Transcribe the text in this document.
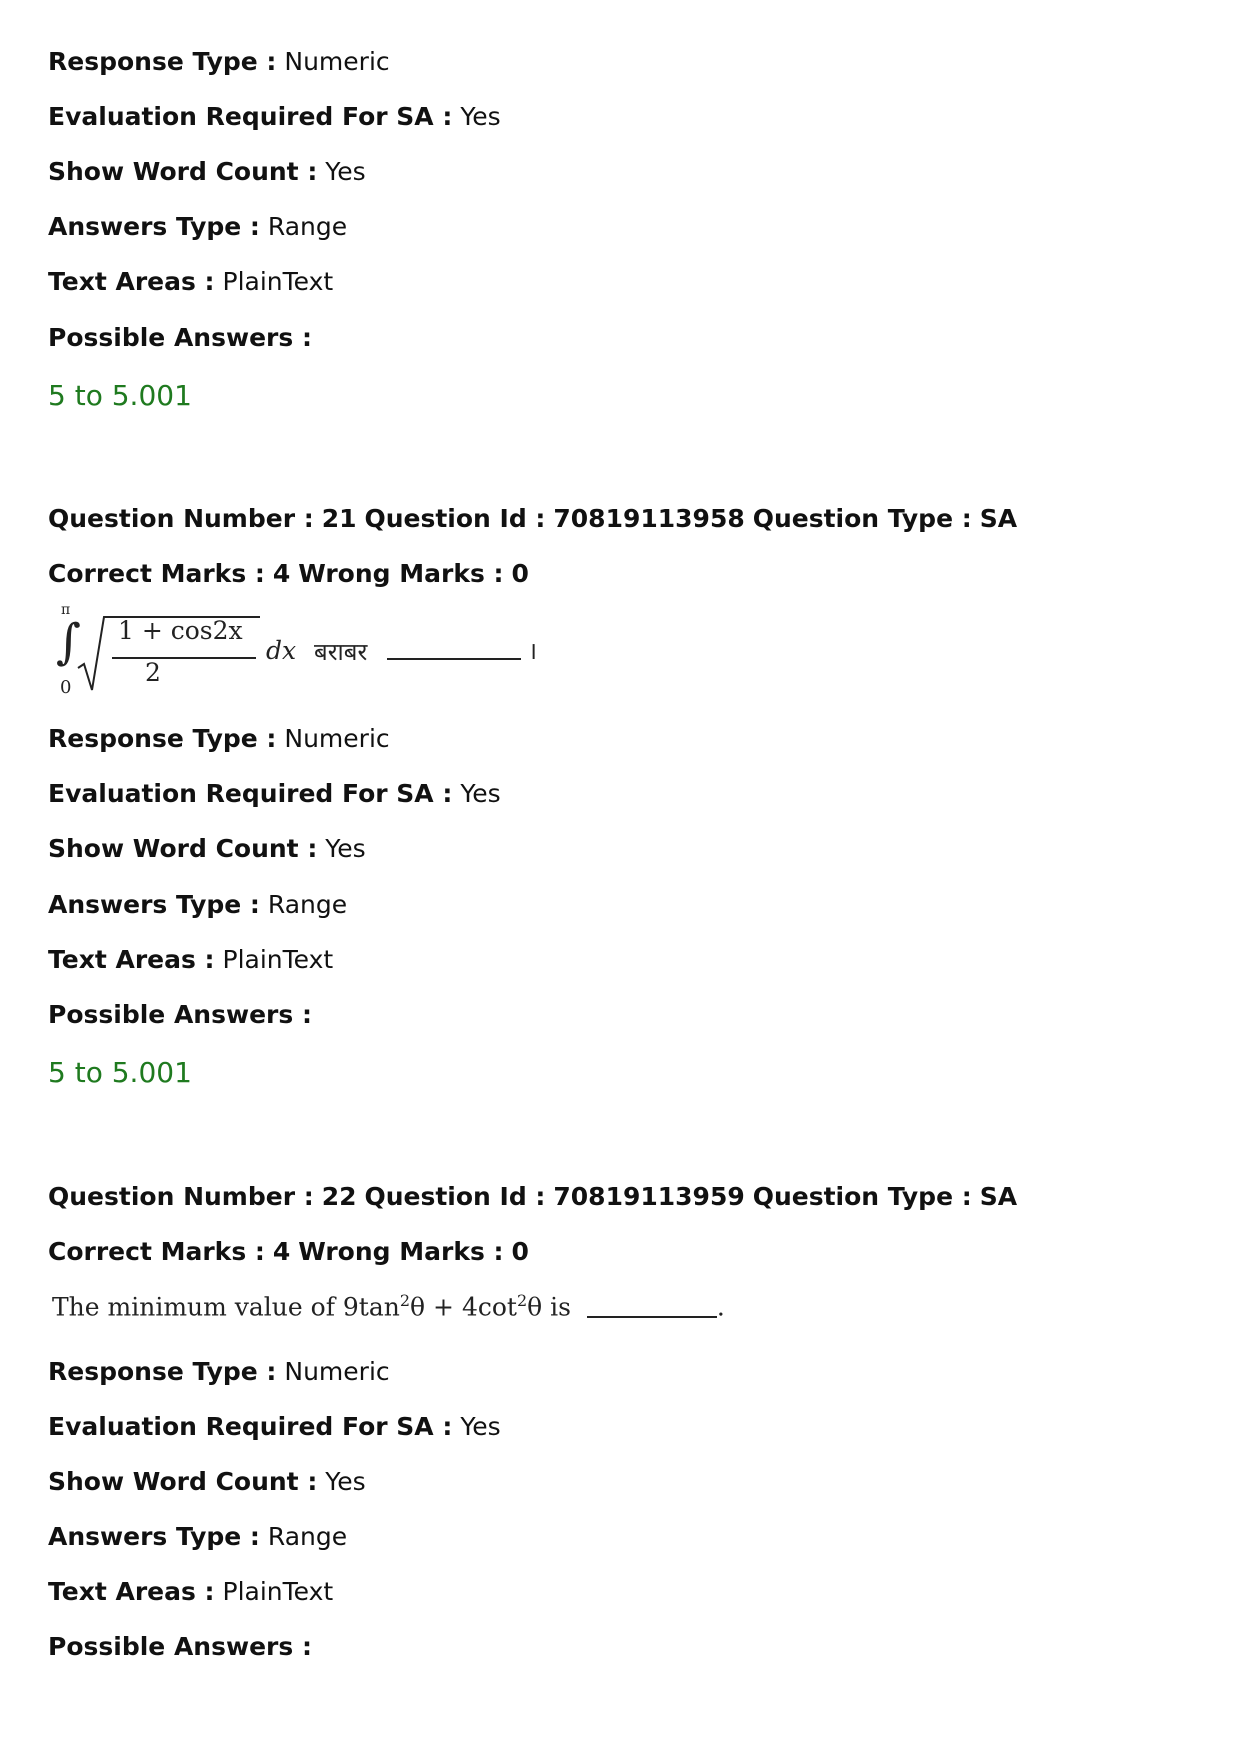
Response Type : Numeric
Evaluation Required For SA : Yes
Show Word Count : Yes
Answers Type : Range
Text Areas : PlainText
Possible Answers :
5 to 5.001
Question Number : 21 Question Id : 70819113958 Question Type : SA
Correct Marks : 4 Wrong Marks : 0
π
∫
0
1 + cos2x
2
dx बराबर	।
Response Type : Numeric
Evaluation Required For SA : Yes
Show Word Count : Yes
Answers Type : Range
Text Areas : PlainText
Possible Answers :
5 to 5.001
Question Number : 22 Question Id : 70819113959 Question Type : SA
Correct Marks : 4 Wrong Marks : 0
The minimum value of $9\tan^2\theta + 4\cot^2\theta$ is	.
Response Type : Numeric
Evaluation Required For SA : Yes
Show Word Count : Yes
Answers Type : Range
Text Areas : PlainText
Possible Answers :
